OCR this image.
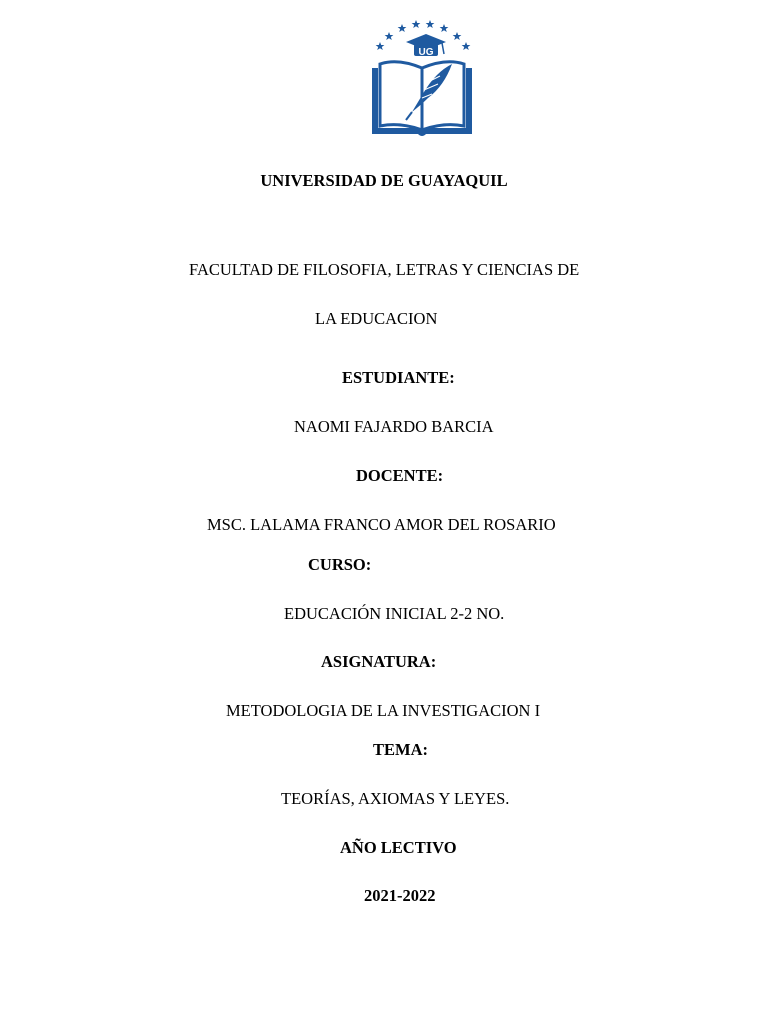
UG
UNIVERSIDAD DE GUAYAQUIL
FACULTAD DE FILOSOFIA, LETRAS Y CIENCIAS DE
LA EDUCACION
ESTUDIANTE:
NAOMI FAJARDO BARCIA
DOCENTE:
MSC. LALAMA FRANCO AMOR DEL ROSARIO
CURSO:
EDUCACIÓN INICIAL 2-2 NO.
ASIGNATURA:
METODOLOGIA DE LA INVESTIGACION I
TEMA:
TEORÍAS, AXIOMAS Y LEYES.
AÑO LECTIVO
2021-2022
